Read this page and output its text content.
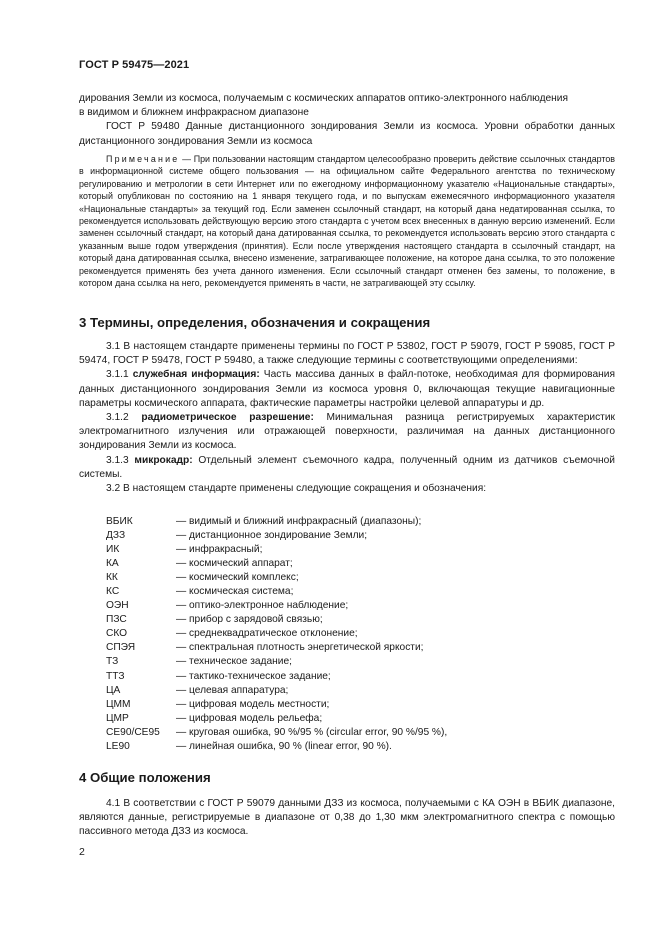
ГОСТ Р 59475—2021

дирования Земли из космоса, получаемым с космических аппаратов оптико-электронного наблюдения

в видимом и ближнем инфракрасном диапазоне

ГОСТ Р 59480 Данные дистанционного зондирования Земли из космоса. Уровни обработки данных дистанционного зондирования Земли из космоса

Примечание — При пользовании настоящим стандартом целесообразно проверить действие ссылочных стандартов в информационной системе общего пользования — на официальном сайте Федерального агентства по техническому регулированию и метрологии в сети Интернет или по ежегодному информационному указателю «Национальные стандарты», который опубликован по состоянию на 1 января текущего года, и по выпускам ежемесячного информационного указателя «Национальные стандарты» за текущий год. Если заменен ссылочный стандарт, на который дана недатированная ссылка, то рекомендуется использовать действующую версию этого стандарта с учетом всех внесенных в данную версию изменений. Если заменен ссылочный стандарт, на который дана датированная ссылка, то рекомендуется использовать версию этого стандарта с указанным выше годом утверждения (принятия). Если после утверждения настоящего стандарта в ссылочный стандарт, на который дана датированная ссылка, внесено изменение, затрагивающее положение, на которое дана ссылка, то это положение рекомендуется применять без учета данного изменения. Если ссылочный стандарт отменен без замены, то положение, в котором дана ссылка на него, рекомендуется применять в части, не затрагивающей эту ссылку.

3 Термины, определения, обозначения и сокращения

3.1 В настоящем стандарте применены термины по ГОСТ Р 53802, ГОСТ Р 59079, ГОСТ Р 59085, ГОСТ Р 59474, ГОСТ Р 59478, ГОСТ Р 59480, а также следующие термины с соответствующими определениями:

3.1.1 служебная информация: Часть массива данных в файл-потоке, необходимая для формирования данных дистанционного зондирования Земли из космоса уровня 0, включающая текущие навигационные параметры космического аппарата, фактические параметры настройки целевой аппаратуры и др.

3.1.2 радиометрическое разрешение: Минимальная разница регистрируемых характеристик электромагнитного излучения или отражающей поверхности, различимая на данных дистанционного зондирования Земли из космоса.

3.1.3 микрокадр: Отдельный элемент съемочного кадра, полученный одним из датчиков съемочной системы.

3.2 В настоящем стандарте применены следующие сокращения и обозначения:

ВБИК	— видимый и ближний инфракрасный (диапазоны);
ДЗЗ	— дистанционное зондирование Земли;
ИК	— инфракрасный;
КА	— космический аппарат;
КК	— космический комплекс;
КС	— космическая система;
ОЭН	— оптико-электронное наблюдение;
ПЗС	— прибор с зарядовой связью;
СКО	— среднеквадратическое отклонение;
СПЭЯ	— спектральная плотность энергетической яркости;
ТЗ	— техническое задание;
ТТЗ	— тактико-техническое задание;
ЦА	— целевая аппаратура;
ЦММ	— цифровая модель местности;
ЦМР	— цифровая модель рельефа;
СЕ90/СЕ95	— круговая ошибка, 90 %/95 % (circular error, 90 %/95 %),
LE90	— линейная ошибка, 90 % (linear error, 90 %).

4 Общие положения

4.1 В соответствии с ГОСТ Р 59079 данными ДЗЗ из космоса, получаемыми с КА ОЭН в ВБИК диапазоне, являются данные, регистрируемые в диапазоне от 0,38 до 1,30 мкм электромагнитного спектра с помощью пассивного метода ДЗЗ из космоса.

2
